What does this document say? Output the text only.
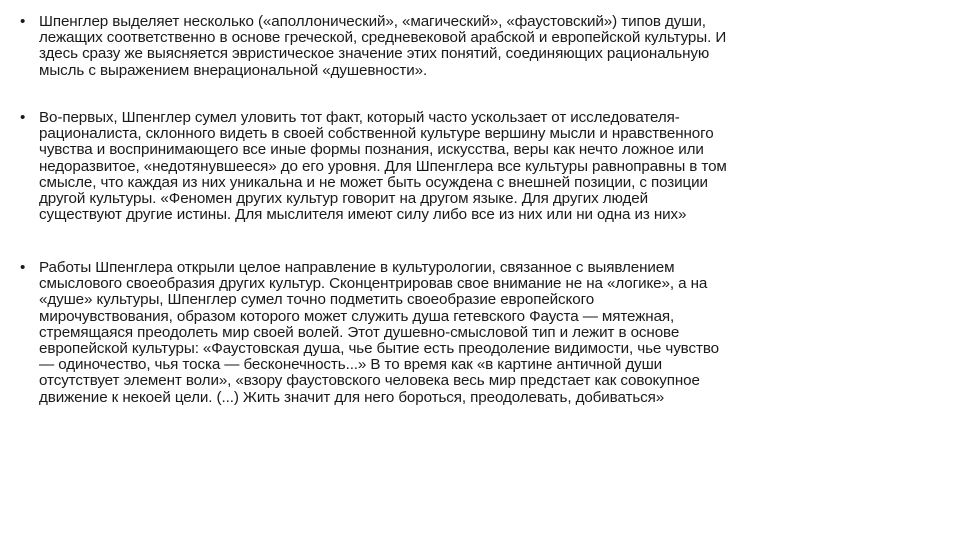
• Шпенглер выделяет несколько («аполлонический», «магический», «фаустовский») типов души,
лежащих соответственно в основе греческой, средневековой арабской и европейской культуры. И
здесь сразу же выясняется эвристическое значение этих понятий, соединяющих рациональную
мысль с выражением внерациональной «душевности».
• Во-первых, Шпенглер сумел уловить тот факт, который часто ускользает от исследователя-
рационалиста, склонного видеть в своей собственной культуре вершину мысли и нравственного
чувства и воспринимающего все иные формы познания, искусства, веры как нечто ложное или
недоразвитое, «недотянувшееся» до его уровня. Для Шпенглера все культуры равноправны в том
смысле, что каждая из них уникальна и не может быть осуждена с внешней позиции, с позиции
другой культуры. «Феномен других культур говорит на другом языке. Для других людей
существуют другие истины. Для мыслителя имеют силу либо все из них или ни одна из них»
• Работы Шпенглера открыли целое направление в культурологии, связанное с выявлением
смыслового своеобразия других культур. Сконцентрировав свое внимание не на «логике», а на
«душе» культуры, Шпенглер сумел точно подметить своеобразие европейского
мирочувствования, образом которого может служить душа гетевского Фауста — мятежная,
стремящаяся преодолеть мир своей волей. Этот душевно-смысловой тип и лежит в основе
европейской культуры: «Фаустовская душа, чье бытие есть преодоление видимости, чье чувство
— одиночество, чья тоска — бесконечность...» В то время как «в картине античной души
отсутствует элемент воли», «взору фаустовского человека весь мир предстает как совокупное
движение к некоей цели. (...) Жить значит для него бороться, преодолевать, добиваться»
